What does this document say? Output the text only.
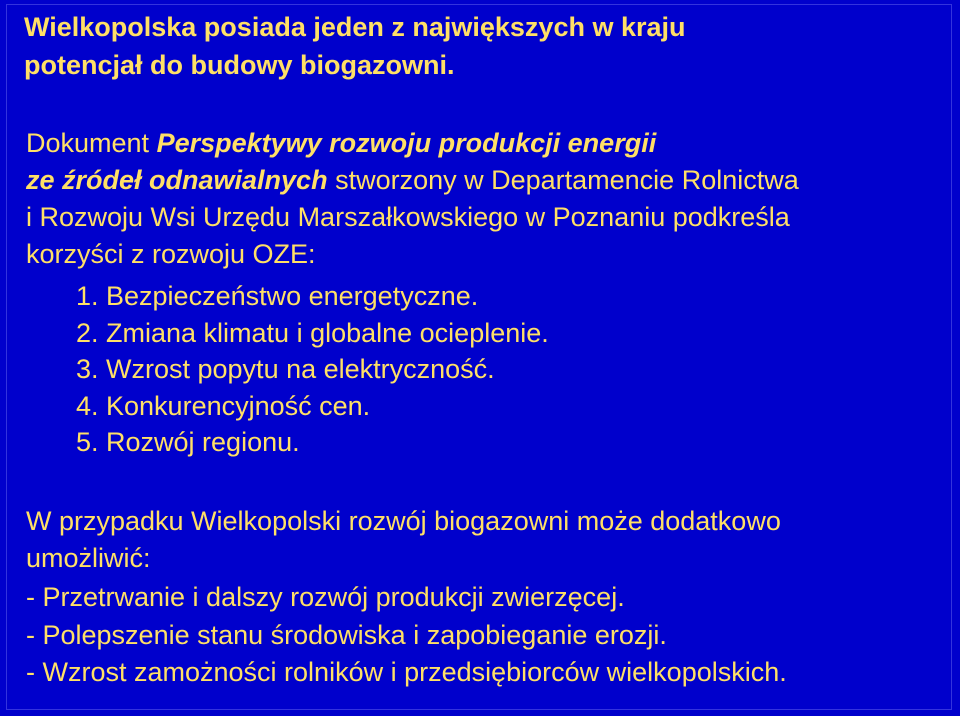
Wielkopolska posiada jeden z największych w kraju
potencjał do budowy biogazowni.
Dokument Perspektywy rozwoju produkcji energii
ze źródeł odnawialnych stworzony w Departamencie Rolnictwa
i Rozwoju Wsi Urzędu Marszałkowskiego w Poznaniu podkreśla
korzyści z rozwoju OZE:
1. Bezpieczeństwo energetyczne.
2. Zmiana klimatu i globalne ocieplenie.
3. Wzrost popytu na elektryczność.
4. Konkurencyjność cen.
5. Rozwój regionu.
W przypadku Wielkopolski rozwój biogazowni może dodatkowo
umożliwić:
- Przetrwanie i dalszy rozwój produkcji zwierzęcej.
- Polepszenie stanu środowiska i zapobieganie erozji.
- Wzrost zamożności rolników i przedsiębiorców wielkopolskich.
